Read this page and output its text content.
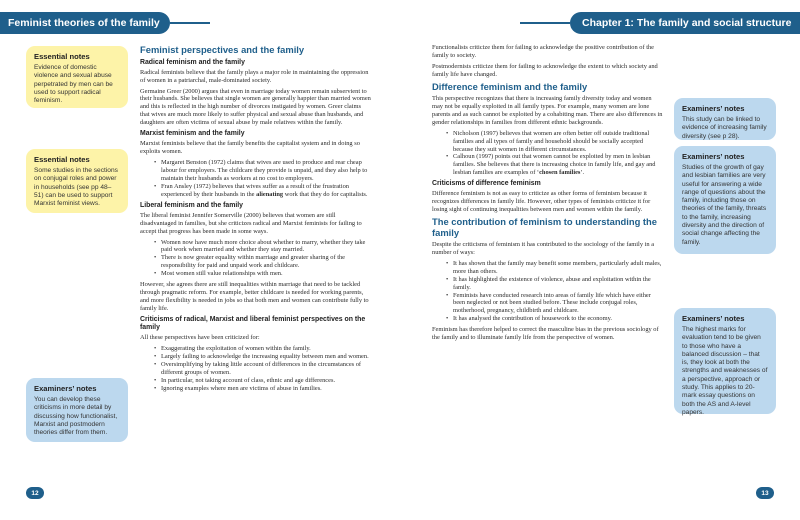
Feminist theories of the family	Chapter 1: The family and social structure
Essential notes
Evidence of domestic violence and sexual abuse perpetrated by men can be used to support radical feminism.
Essential notes
Some studies in the sections on conjugal roles and power in households (see pp 48–51) can be used to support Marxist feminist views.
Examiners’ notes
You can develop these criticisms in more detail by discussing how functionalist, Marxist and postmodern theories differ from them.
Feminist perspectives and the family
Radical feminism and the family

Radical feminists believe that the family plays a major role in maintaining the oppression of women in a patriarchal, male-dominated society.

Germaine Greer (2000) argues that even in marriage today women remain subservient to their husbands. She believes that single women are generally happier than married women and this is reflected in the high number of divorces instigated by women. Greer claims that wives are much more likely to suffer physical and sexual abuse than husbands, and daughters are often victims of sexual abuse by male relatives within the family.

Marxist feminism and the family

Marxist feminists believe that the family benefits the capitalist system and in doing so exploits women.

• Margaret Benston (1972) claims that wives are used to produce and rear cheap labour for employers. The childcare they provide is unpaid, and they also help to maintain their husbands as workers at no cost to employers.
• Fran Ansley (1972) believes that wives suffer as a result of the frustration experienced by their husbands in the alienating work that they do for capitalists.
Liberal feminism and the family

The liberal feminist Jennifer Somerville (2000) believes that women are still disadvantaged in families, but she criticizes radical and Marxist feminists for failing to accept that progress has been made in some ways.

• Women now have much more choice about whether to marry, whether they take paid work when married and whether they stay married.
• There is now greater equality within marriage and greater sharing of the responsibility for paid and unpaid work and childcare.
• Most women still value relationships with men.

However, she agrees there are still inequalities within marriage that need to be tackled through pragmatic reform. For example, better childcare is needed for working parents, and more flexibility is needed in jobs so that both men and women can contribute fully to family life.

Criticisms of radical, Marxist and liberal feminist perspectives on the family

All these perspectives have been criticized for:

• Exaggerating the exploitation of women within the family.
• Largely failing to acknowledge the increasing equality between men and women.
• Oversimplifying by taking little account of differences in the circumstances of different groups of women.
• In particular, not taking account of class, ethnic and age differences.
• Ignoring examples where men are victims of abuse in families.

Functionalists criticize them for failing to acknowledge the positive contribution of the family to society.

Postmodernists criticize them for failing to acknowledge the extent to which society and family life have changed.

Difference feminism and the family

This perspective recognizes that there is increasing family diversity today and women may not be equally exploited in all family types. For example, many women are lone parents and as such cannot be exploited by a cohabiting man. There are also differences in gender relationships in families from different ethnic backgrounds.

• Nicholson (1997) believes that women are often better off outside traditional families and all types of family and household should be socially accepted because they suit women in different circumstances.
• Calhoun (1997) points out that women cannot be exploited by men in lesbian families. She believes that there is increasing choice in family life, and gay and lesbian families are examples of ‘chosen families’.
Criticisms of difference feminism

Difference feminism is not as easy to criticize as other forms of feminism because it recognizes differences in family life. However, other types of feminists criticize it for losing sight of continuing inequalities between men and women within the family.

The contribution of feminism to understanding the family

Despite the criticisms of feminism it has contributed to the sociology of the family in a number of ways:

• It has shown that the family may benefit some members, particularly adult males, more than others.
• It has highlighted the existence of violence, abuse and exploitation within the family.
• Feminists have conducted research into areas of family life which have either been neglected or not been studied before. These include conjugal roles, motherhood, pregnancy, childbirth and childcare.
• It has analysed the contribution of housework to the economy.

Feminism has therefore helped to correct the masculine bias in the previous sociology of the family and to illuminate family life from the perspective of women.

Examiners’ notes
This study can be linked to evidence of increasing family diversity (see p 28).
Examiners’ notes
Studies of the growth of gay and lesbian families are very useful for answering a wide range of questions about the family, including those on theories of the family, threats to the family, increasing diversity and the direction of social change affecting the family.
Examiners’ notes
The highest marks for evaluation tend to be given to those who have a balanced discussion – that is, they look at both the strengths and weaknesses of a perspective, approach or study. This applies to 20-mark essay questions on both the AS and A-level papers.
12	13
